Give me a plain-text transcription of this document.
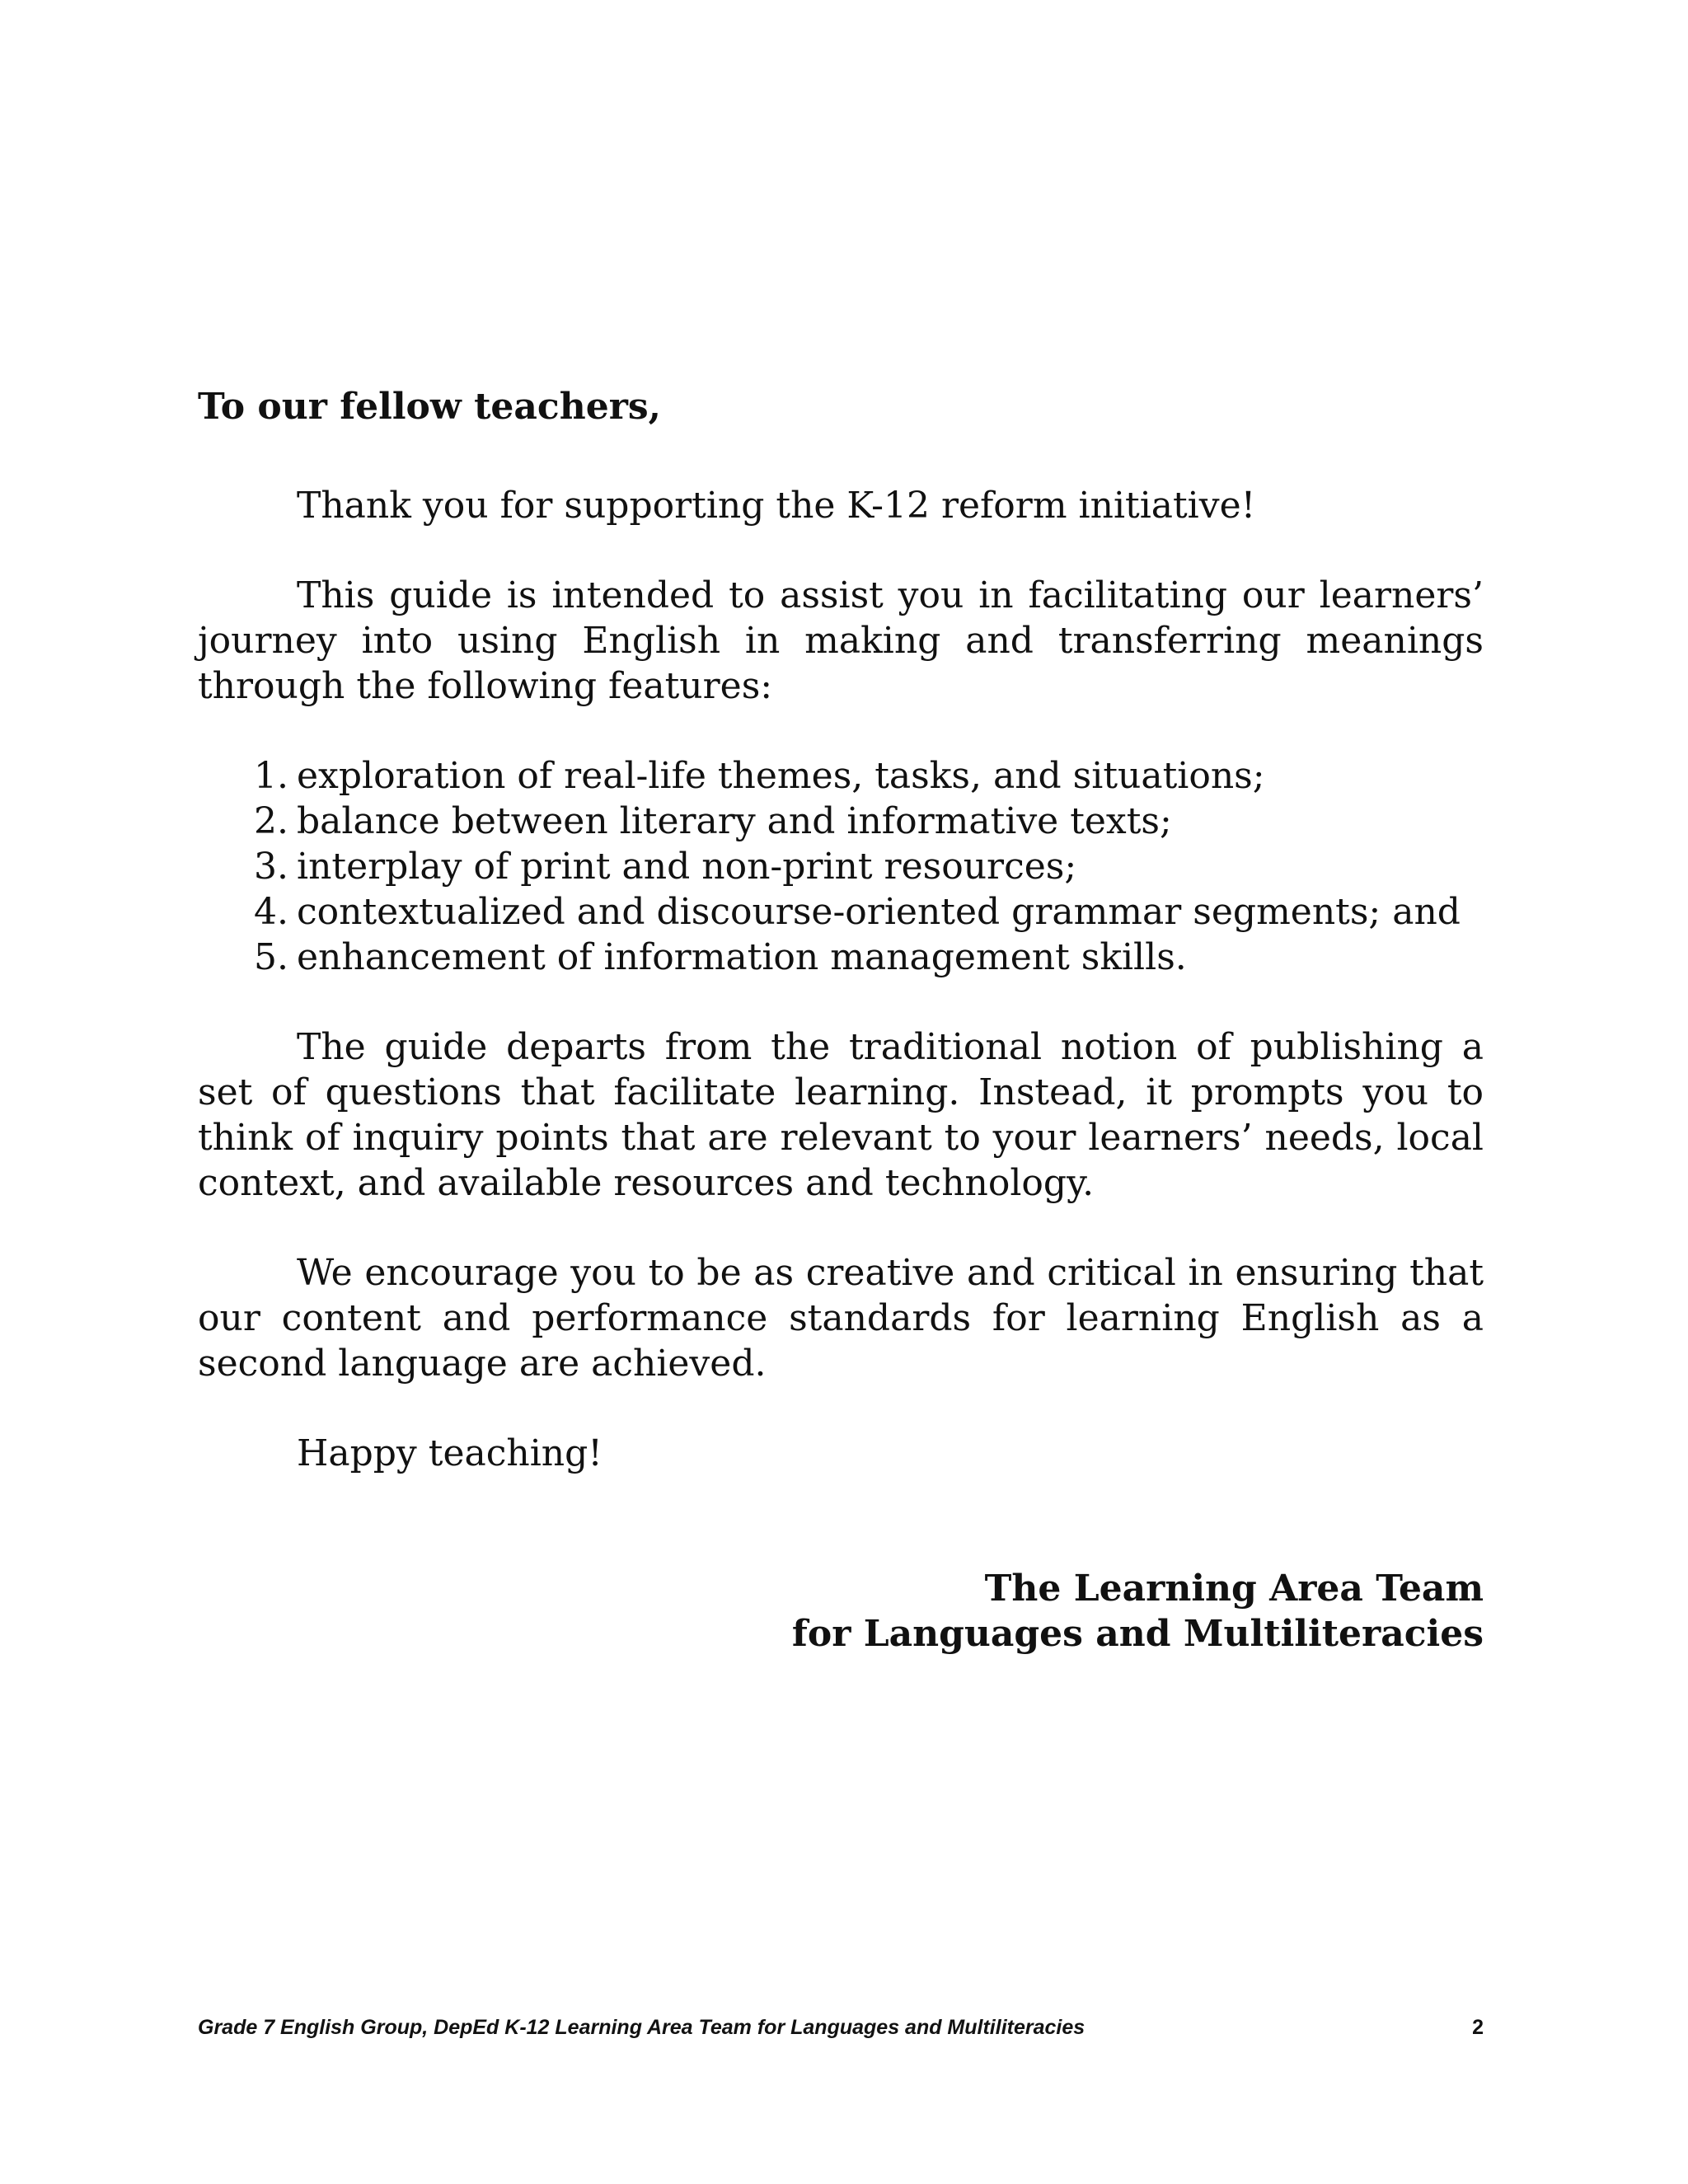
To our fellow teachers,

Thank you for supporting the K-12 reform initiative!

This guide is intended to assist you in facilitating our learners’ journey into using English in making and transferring meanings through the following features:

1. exploration of real-life themes, tasks, and situations;
2. balance between literary and informative texts;
3. interplay of print and non-print resources;
4. contextualized and discourse-oriented grammar segments; and
5. enhancement of information management skills.

The guide departs from the traditional notion of publishing a set of questions that facilitate learning. Instead, it prompts you to think of inquiry points that are relevant to your learners’ needs, local context, and available resources and technology.

We encourage you to be as creative and critical in ensuring that our content and performance standards for learning English as a second language are achieved.

Happy teaching!

The Learning Area Team
for Languages and Multiliteracies

Grade 7 English Group, DepEd K-12 Learning Area Team for Languages and Multiliteracies	2
